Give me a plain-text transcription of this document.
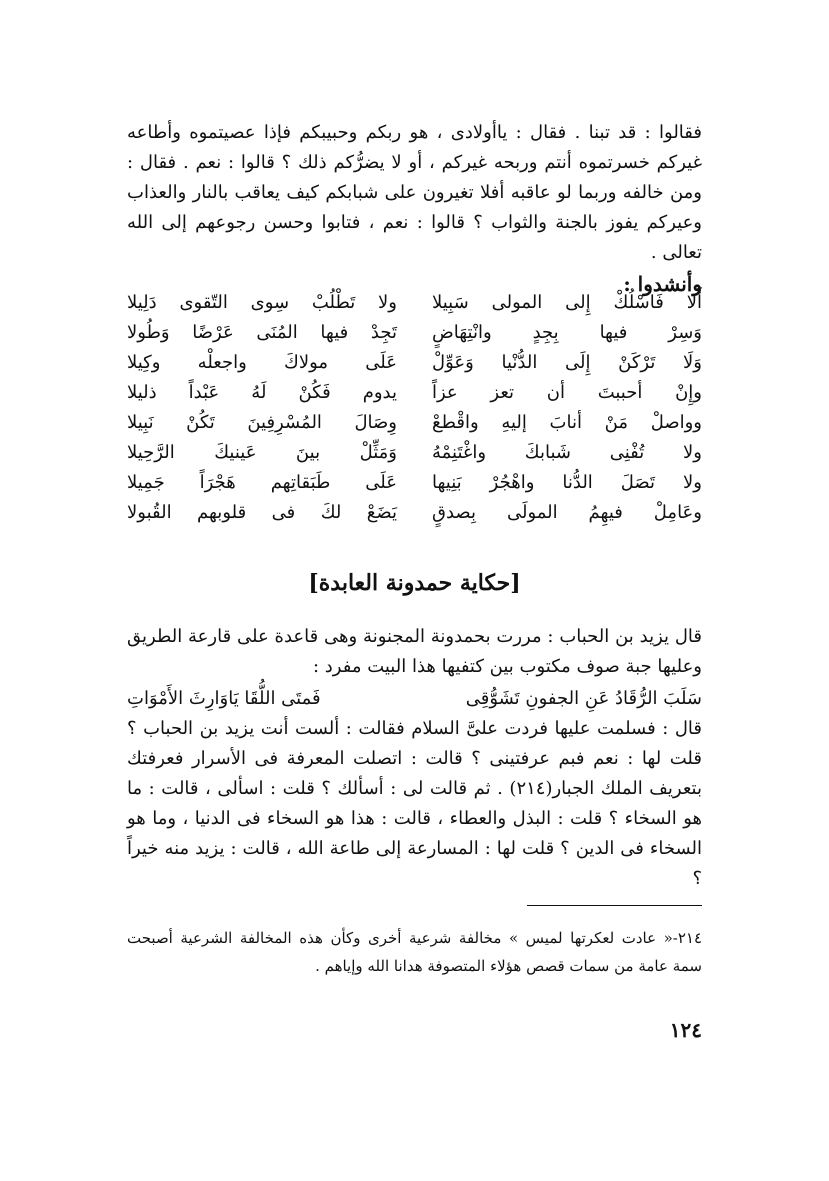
فقالوا : قد تبنا . فقال : ياأولادى ، هو ربكم وحبيبكم فإذا عصيتموه وأطاعه غيركم خسرتموه أنتم وربحه غيركم ، أو لا يضرُّكم ذلك ؟ قالوا : نعم . فقال : ومن خالفه وربما لو عاقبه أفلا تغيرون على شبابكم كيف يعاقب بالنار والعذاب وعيركم يفوز بالجنة والثواب ؟ قالوا : نعم ، فتابوا وحسن رجوعهم إلى الله تعالى .

وأنشدوا :
أَلا فَاسْلُكْ إِلى المولى سَبِيلا
ولا تَطْلُبْ سِوى التّقوى دَلِيلا
وَسِرْ فيها بِجِدٍ وانْتِهَاضٍ
تَجِدْ فيها المُنَى عَرْضًا وَطُولا
وَلَا تَرْكَنْ إِلَى الدُّنْيا وَعَوِّلْ
عَلَى مولاكَ واجعلْه وكِيلا
وإِنْ أحببتَ أن تعز عزاً
يدوم فَكُنْ لَهُ عَبْداً ذليلا
وواصلْ مَنْ أنابَ إليهِ واقْطعْ
وِصَالَ المُسْرِفِينَ تَكُنْ نَبِيلا
ولا تُفْنِى شَبابكَ واغْتَنِمْهُ
وَمَثِّلْ بينَ عَينيكَ الرَّحِيلا
ولا تَصَلَ الدُّنا واهْجُرْ بَنِيها
عَلَى طَبَقاتِهم هَجْرَاً جَمِيلا
وعَامِلْ فيهِمُ المولَى بِصدقٍ
يَضَعْ لكَ فى قلوبهم القُبولا
[حكاية حمدونة العابدة]

قال يزيد بن الحباب : مررت بحمدونة المجنونة وهى قاعدة على قارعة الطريق وعليها جبة صوف مكتوب بين كتفيها هذا البيت مفرد :

سَلَبَ الرُّقَادُ عَنِ الجفونِ تَشَوُّقِى
فَمتَى اللُّقَا يَاوَارِثَ الأَمْوَاتِ

قال : فسلمت عليها فردت علىَّ السلام فقالت : ألست أنت يزيد بن الحباب ؟ قلت لها : نعم فبم عرفتينى ؟ قالت : اتصلت المعرفة فى الأسرار فعرفتك بتعريف الملك الجبار(٢١٤) . ثم قالت لى : أسألك ؟ قلت : اسألى ، قالت : ما هو السخاء ؟ قلت : البذل والعطاء ، قالت : هذا هو السخاء فى الدنيا ، وما هو السخاء فى الدين ؟ قلت لها : المسارعة إلى طاعة الله ، قالت : يزيد منه خيراً ؟

٢١٤-« عادت لعكرتها لميس » مخالفة شرعية أخرى وكأن هذه المخالفة الشرعية أصبحت سمة عامة من سمات قصص هؤلاء المتصوفة هدانا الله وإياهم .

١٢٤
